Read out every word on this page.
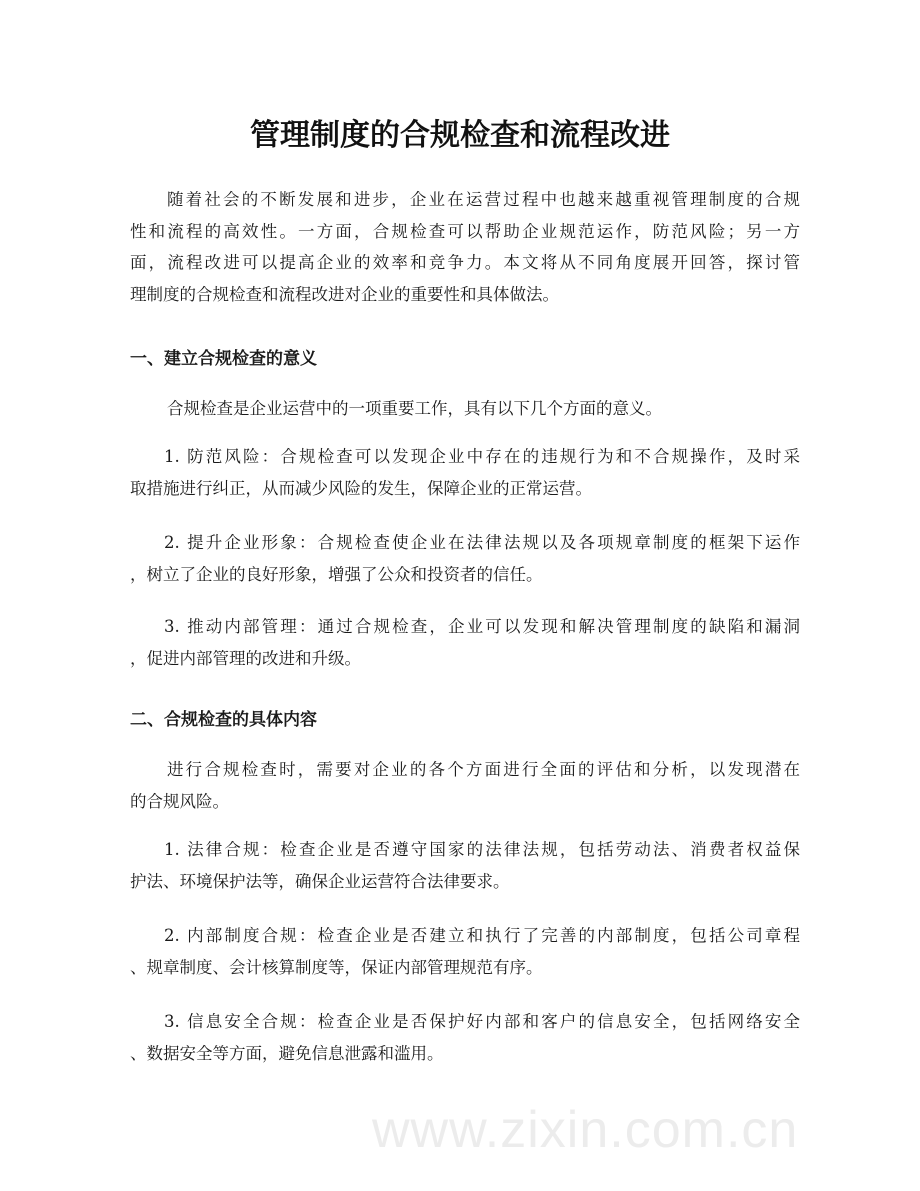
管理制度的合规检查和流程改进
随着社会的不断发展和进步，企业在运营过程中也越来越重视管理制度的合规
性和流程的高效性。一方面，合规检查可以帮助企业规范运作，防范风险；另一方
面，流程改进可以提高企业的效率和竞争力。本文将从不同角度展开回答，探讨管
理制度的合规检查和流程改进对企业的重要性和具体做法。
一、建立合规检查的意义
合规检查是企业运营中的一项重要工作，具有以下几个方面的意义。
1. 防范风险：合规检查可以发现企业中存在的违规行为和不合规操作，及时采
取措施进行纠正，从而减少风险的发生，保障企业的正常运营。
2. 提升企业形象：合规检查使企业在法律法规以及各项规章制度的框架下运作
，树立了企业的良好形象，增强了公众和投资者的信任。
3. 推动内部管理：通过合规检查，企业可以发现和解决管理制度的缺陷和漏洞
，促进内部管理的改进和升级。
二、合规检查的具体内容
进行合规检查时，需要对企业的各个方面进行全面的评估和分析，以发现潜在
的合规风险。
1. 法律合规：检查企业是否遵守国家的法律法规，包括劳动法、消费者权益保
护法、环境保护法等，确保企业运营符合法律要求。
2. 内部制度合规：检查企业是否建立和执行了完善的内部制度，包括公司章程
、规章制度、会计核算制度等，保证内部管理规范有序。
3. 信息安全合规：检查企业是否保护好内部和客户的信息安全，包括网络安全
、数据安全等方面，避免信息泄露和滥用。
www.zixin.com.cn
